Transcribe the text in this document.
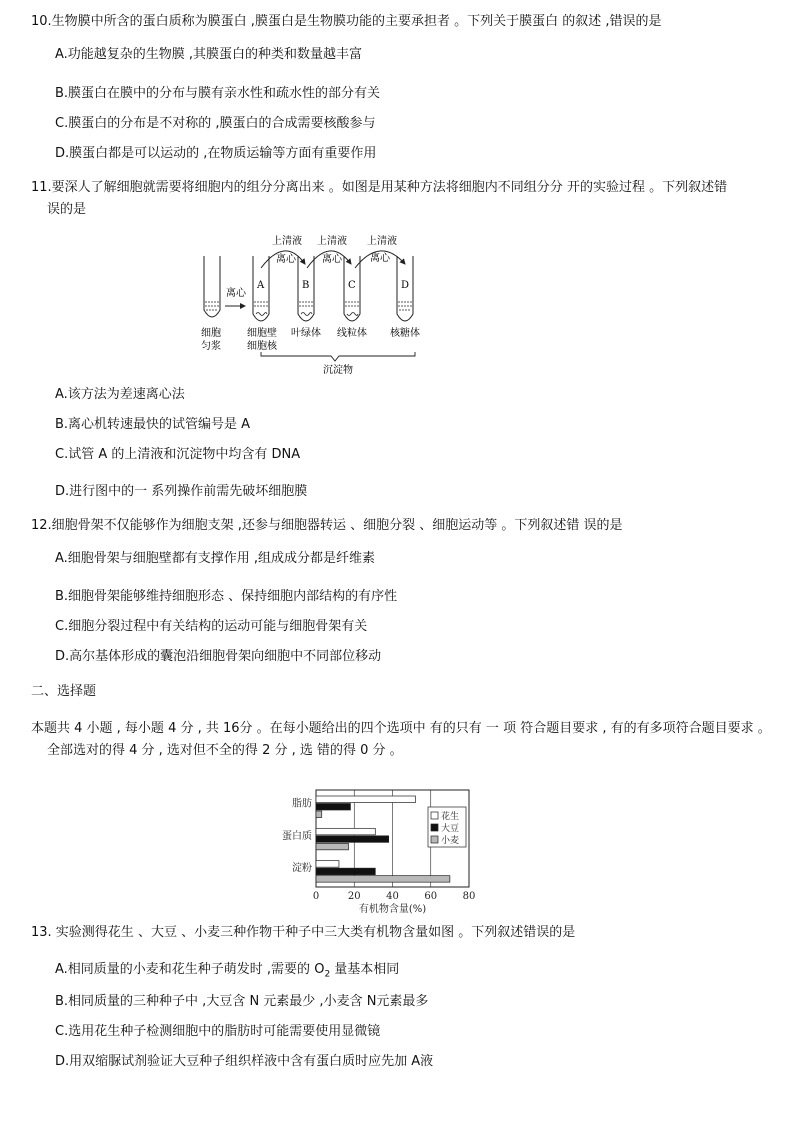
10.生物膜中所含的蛋白质称为膜蛋白 ,膜蛋白是生物膜功能的主要承担者 。下列关于膜蛋白 的叙述 ,错误的是
A.功能越复杂的生物膜 ,其膜蛋白的种类和数量越丰富
B.膜蛋白在膜中的分布与膜有亲水性和疏水性的部分有关
C.膜蛋白的分布是不对称的 ,膜蛋白的合成需要核酸参与
D.膜蛋白都是可以运动的 ,在物质运输等方面有重要作用
11.要深人了解细胞就需要将细胞内的组分分离出来 。如图是用某种方法将细胞内不同组分分 开的实验过程 。下列叙述错
误的是
上清液 上清液 上清液
离心	离心	离心
离心
A	B	C	D
细胞
匀浆
细胞壁
细胞核
叶绿体 线粒体 核糖体
沉淀物
A.该方法为差速离心法
B.离心机转速最快的试管编号是 A
C.试管 A 的上清液和沉淀物中均含有 DNA
D.进行图中的一 系列操作前需先破坏细胞膜
12.细胞骨架不仅能够作为细胞支架 ,还参与细胞器转运 、细胞分裂 、细胞运动等 。下列叙述错 误的是
A.细胞骨架与细胞壁都有支撑作用 ,组成成分都是纤维素
B.细胞骨架能够维持细胞形态 、保持细胞内部结构的有序性
C.细胞分裂过程中有关结构的运动可能与细胞骨架有关
D.高尔基体形成的囊泡沿细胞骨架向细胞中不同部位移动
二、选择题
本题共 4 小题 , 每小题 4 分 , 共 16分 。在每小题给出的四个选项中 有的只有 一 项 符合题目要求 , 有的有多项符合题目要求 。
全部选对的得 4 分 , 选对但不全的得 2 分 , 选 错的得 0 分 。
0	20	40	60	80
脂肪
蛋白质
淀粉
有机物含量(%)
花生
大豆
小麦
13. 实验测得花生 、大豆 、小麦三种作物干种子中三大类有机物含量如图 。下列叙述错误的是
A.相同质量的小麦和花生种子萌发时 ,需要的 $O_2$ 量基本相同
B.相同质量的三种种子中 ,大豆含 N 元素最少 ,小麦含 N元素最多
C.选用花生种子检测细胞中的脂肪时可能需要使用显微镜
D.用双缩脲试剂验证大豆种子组织样液中含有蛋白质时应先加 A液
